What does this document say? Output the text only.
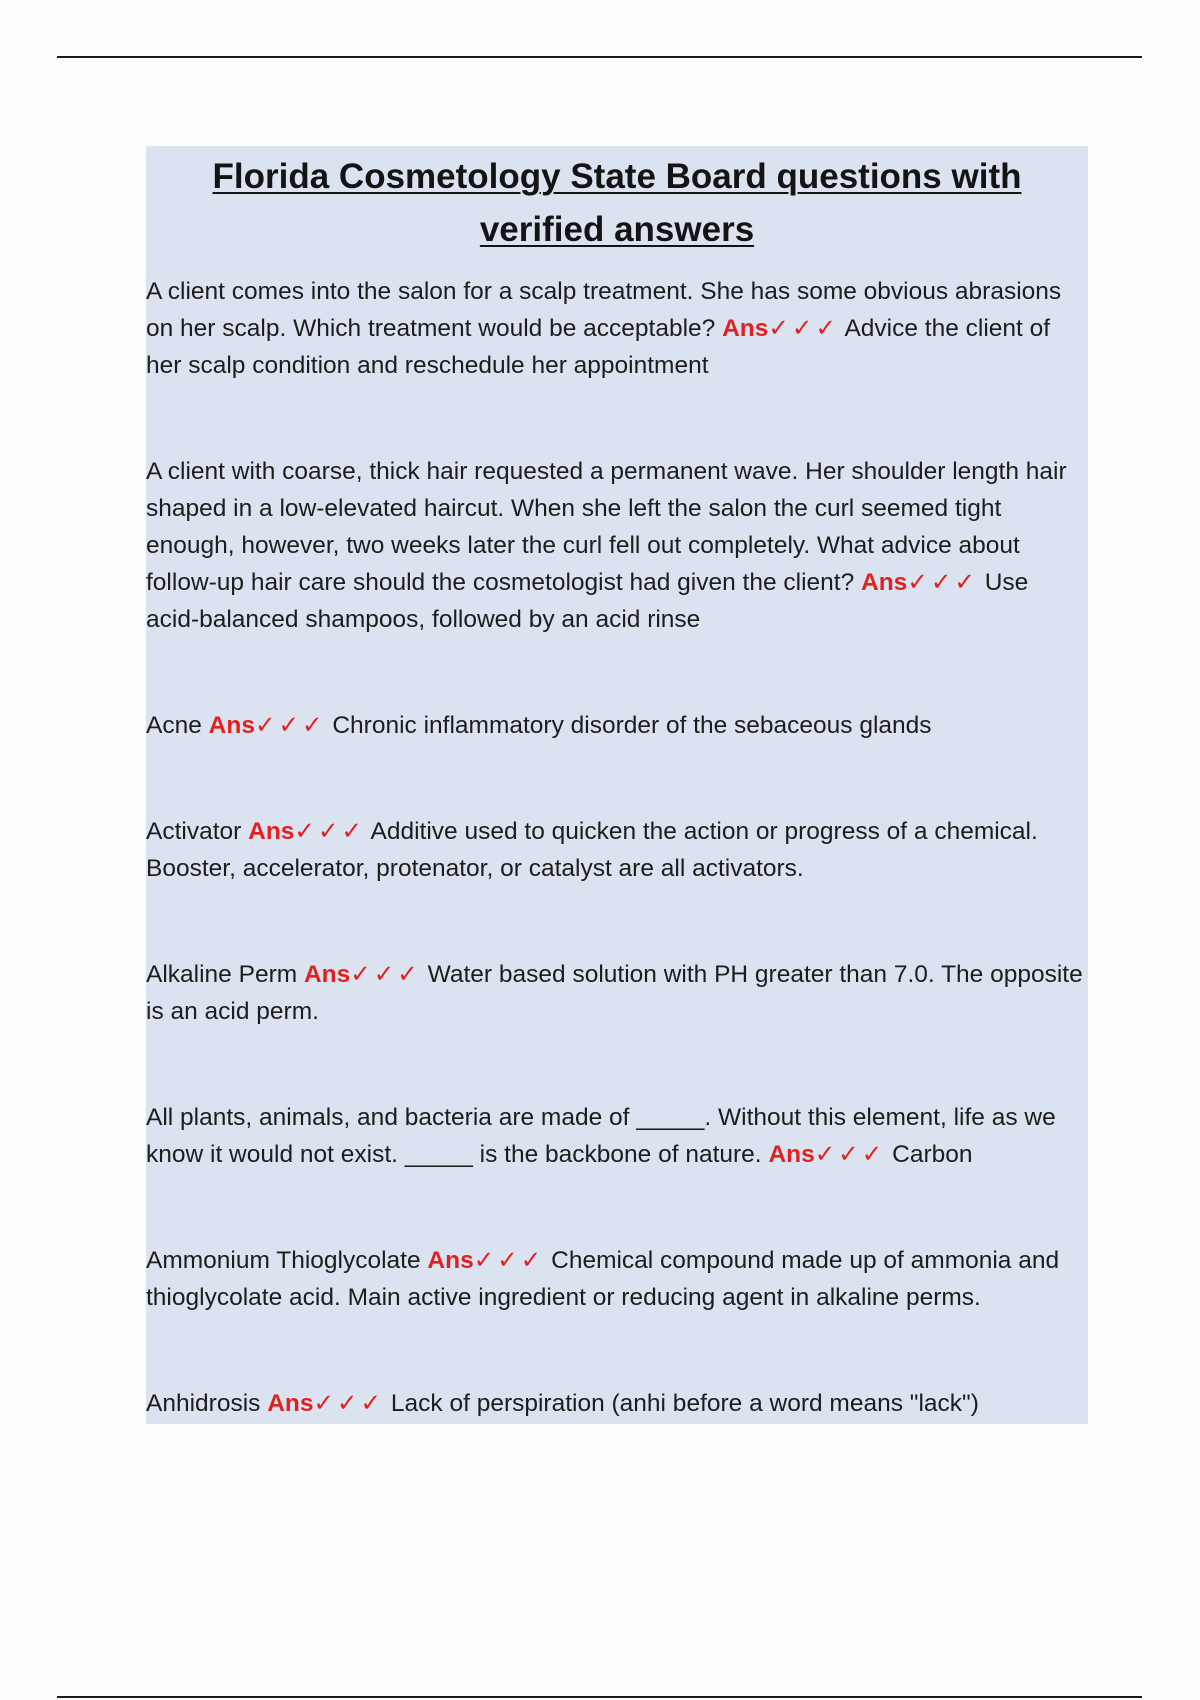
Florida Cosmetology State Board questions with verified answers

A client comes into the salon for a scalp treatment. She has some obvious abrasions on her scalp. Which treatment would be acceptable? Ans✓✓✓ Advice the client of her scalp condition and reschedule her appointment

A client with coarse, thick hair requested a permanent wave. Her shoulder length hair shaped in a low-elevated haircut. When she left the salon the curl seemed tight enough, however, two weeks later the curl fell out completely. What advice about follow-up hair care should the cosmetologist had given the client? Ans✓✓✓ Use acid-balanced shampoos, followed by an acid rinse

Acne Ans✓✓✓ Chronic inflammatory disorder of the sebaceous glands

Activator Ans✓✓✓ Additive used to quicken the action or progress of a chemical. Booster, accelerator, protenator, or catalyst are all activators.

Alkaline Perm Ans✓✓✓ Water based solution with PH greater than 7.0. The opposite is an acid perm.

All plants, animals, and bacteria are made of _____. Without this element, life as we know it would not exist. _____ is the backbone of nature. Ans✓✓✓ Carbon

Ammonium Thioglycolate Ans✓✓✓ Chemical compound made up of ammonia and thioglycolate acid. Main active ingredient or reducing agent in alkaline perms.

Anhidrosis Ans✓✓✓ Lack of perspiration (anhi before a word means "lack")
